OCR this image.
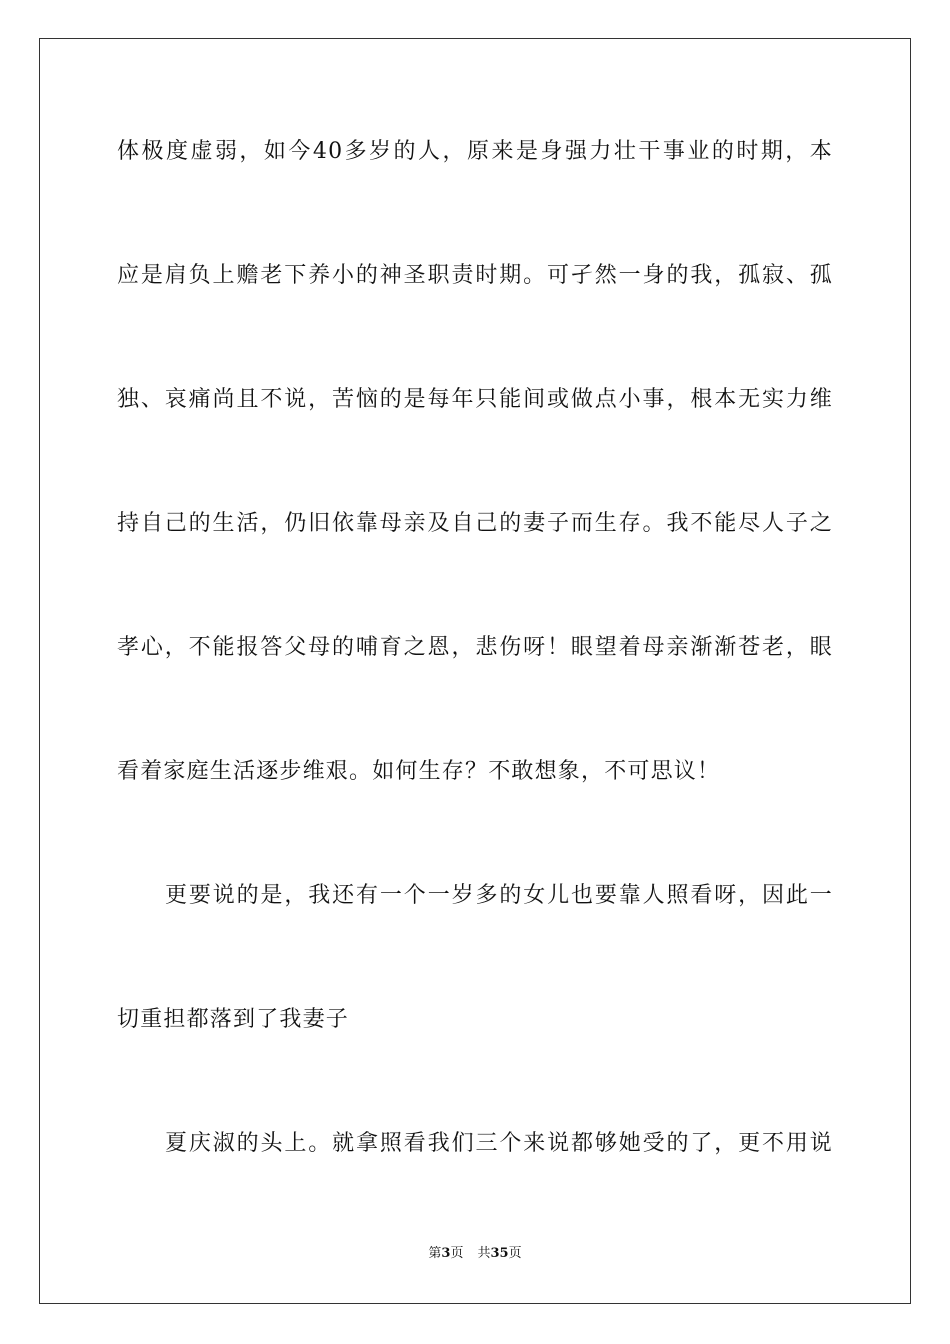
体极度虚弱，如今40多岁的人，原来是身强力壮干事业的时期，本
应是肩负上赡老下养小的神圣职责时期。可孑然一身的我，孤寂、孤
独、哀痛尚且不说，苦恼的是每年只能间或做点小事，根本无实力维
持自己的生活，仍旧依靠母亲及自己的妻子而生存。我不能尽人子之
孝心，不能报答父母的哺育之恩，悲伤呀！眼望着母亲渐渐苍老，眼
看着家庭生活逐步维艰。如何生存？不敢想象，不可思议！
更要说的是，我还有一个一岁多的女儿也要靠人照看呀，因此一
切重担都落到了我妻子
夏庆淑的头上。就拿照看我们三个来说都够她受的了，更不用说
第3页 共35页
